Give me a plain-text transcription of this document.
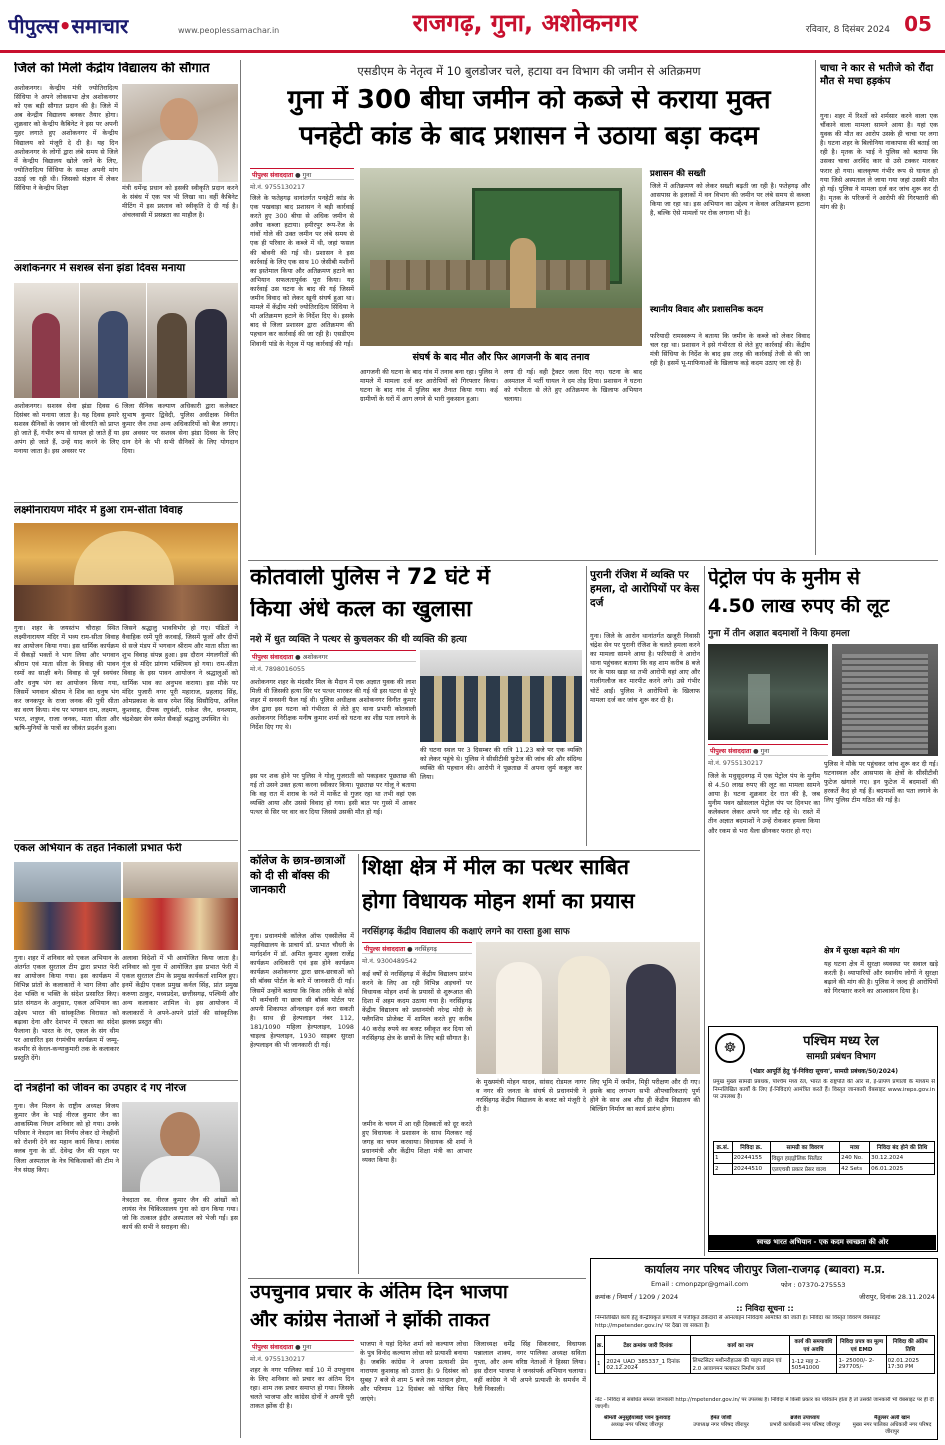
पीपुल्स•समाचार	www.peoplessamachar.in	राजगढ़, गुना, अशोकनगर	रविवार, 8 दिसंबर 2024 05
जिले को मिली केंद्रीय विद्यालय की सौगात
अशोकनगर। केन्द्रीय मंत्री ज्योतिरादित्य सिंधिया ने अपने लोकसभा क्षेत्र अशोकनगर को एक बड़ी सौगात प्रदान की है। जिले में अब केन्द्रीय विद्यालय बनकर तैयार होगा। शुक्रवार को केन्द्रीय कैबिनेट ने इस पर अपनी मुहर लगाते हुए अशोकनगर में केन्द्रीय विद्यालय को मंजूरी दे दी है। यह दिन अशोकनगर के लोगों द्वारा लंबे समय से जिले में केन्द्रीय विद्यालय खोले जाने के लिए, ज्योतिरादित्य सिंधिया के समक्ष अपनी मांग उठाई जा रही थी। जिसको संज्ञान में लेकर सिंधिया ने केन्द्रीय शिक्षा	मंत्री धर्मेन्द्र प्रधान को इसकी स्वीकृति प्रदान करने के संबंध में एक पत्र भी लिखा था। वहीं कैबिनेट मीटिंग में इस प्रस्ताव को स्वीकृति दे दी गई है। अंचलवासी में प्रसन्नता का माहौल है।
अशोकनगर में सशस्त्र सेना झंडा दिवस मनाया
अशोकनगर। सशस्त्र सेना झंडा दिवस 6 दिसंबर को मनाया जाता है। यह दिवस हमारे सशस्त्र सैनिकों के जवान जो वीरगति को प्राप्त हो जाते हैं, गंभीर रूप से घायल हो जाते हैं या अपंग हो जाते हैं, उन्हें याद करने के लिए मनाया जाता है। इस अवसर पर
जिला सैनिक कल्याण अधिकारी द्वारा कलेक्टर सुभाष कुमार द्विवेदी, पुलिस अधीक्षक विनीत कुमार जैन तथा अन्य अधिकारियों को बैज लगाए। इस अवसर पर सशस्त्र सेना झंडा दिवस के लिए दान देने के भी सभी सैनिकों के लिए योगदान दिया।
लक्ष्मीनारायण मंदिर में हुआ राम-सीता विवाह
गुना। शहर के जयस्तंभ चौराहा स्थित लक्ष्मीनारायण मंदिर में भव्य राम-सीता विवाह का आयोजन किया गया। इस धार्मिक कार्यक्रम में सैकड़ों भक्तों ने भाग लिया और भगवान श्रीराम एवं माता सीता के विवाह की पावन रस्मों का साक्षी बने। विवाह से पूर्व स्वयंवर और धनुष भंग का आयोजन किया गया, जिसमें भगवान श्रीराम ने शिव का धनुष भंग कर जनकपुर के राजा जनक की पुत्री सीता का वरण किया। मंच पर भगवान राम, लक्ष्मण, भरत, शत्रुघ्न, राजा जनक, माता सीता और ऋषि-मुनियों के पात्रों का जीवंत प्रदर्शन हुआ।
जिसने श्रद्धालु भावविभोर हो गए। पंडितों ने वैवाहिक रस्में पूरी करवाईं, जिसमें फूलों और दीपों से सजे मंडप में भगवान श्रीराम और माता सीता का शुभ विवाह संपन्न हुआ। इस दौरान मंगलगीतों की गूंज से मंदिर प्रांगण भक्तिमय हो गया। राम-सीता विवाह के इस पावन आयोजन ने श्रद्धालुओं को धार्मिक भाव का अनुभव कराया। इस मौके पर मंदिर पुजारी नगर पूरी महाराज, प्रहलाद सिंह, ओमप्रकाश के साथ रमेश सिंह सिसौदिया, अनिल कुशवाह, दीपक रघुवंशी, राकेश जैन, धनश्याम, चंद्रशेखर सेन समेत सैकड़ों श्रद्धालु उपस्थित थे।
एकल अभियान के तहत निकाली प्रभात फेरी
गुना। शहर में शनिवार को एकल अभियान के अंतर्गत एकल सुरताल टीम द्वारा प्रभात फेरी का आयोजन किया गया। इस कार्यक्रम में विभिन्न प्रांतों के कलाकारों ने भाग लिया और देश भक्ति व भक्ति के संदेश प्रसारित किए। प्रांत संगठन के अनुसार, एकल अभियान का उद्देश्य भारत की सांस्कृतिक विरासत को बढ़ावा देना और देशभर में एकता का संदेश फैलाना है। भारत के रंग, एकल के संग थीम पर आधारित इस रंगमंचीय कार्यक्रम में जम्मू-कश्मीर से केरल-कन्याकुमारी तक के कलाकार प्रस्तुति देंगे।
अलावा विदेशों में भी आयोजित किया जाता है। शनिवार को गुना में आयोजित इस प्रभात फेरी में एकल सुरताल टीम के प्रमुख कार्यकर्ता शामिल हुए। इनमें केंद्रीय एकल प्रमुख कर्नल सिंह, प्रांत प्रमुख करुणा ठाकुर, मध्यप्रदेश, छत्तीसगढ़, पश्चिमी और अन्य कलाकार शामिल थे। इस आयोजन में कलाकारों ने अपने-अपने प्रांतों की सांस्कृतिक झलक प्रस्तुत की।
दो नेत्रहीनों को जीवन का उपहार दे गए नीरज
गुना। जैन मिलन के राष्ट्रीय अध्यक्ष विजय कुमार जैन के भाई नीरज कुमार जैन का आकस्मिक निधन शनिवार को हो गया। उनके परिवार ने नेत्रदान का निर्णय लेकर दो नेत्रहीनों को रोशनी देने का महान कार्य किया। लायंस क्लब गुना के डॉ. देवेन्द्र जैन की पहल पर जिला अस्पताल के नेत्र चिकित्सकों की टीम ने नेत्र संग्रह किए।
नेत्रदाता स्व. नीरज कुमार जैन की आंखों को लायंस नेत्र चिकित्सालय गुना को दान किया गया। जो कि तत्काल इंदौर अस्पताल को भेजी गईं। इस कार्य की सभी ने सराहना की।
एसडीएम के नेतृत्व में 10 बुलडोजर चले, हटाया वन विभाग की जमीन से अतिक्रमण
गुना में 300 बीघा जमीन को कब्जे से कराया मुक्त
पनहेटी कांड के बाद प्रशासन ने उठाया बड़ा कदम
पीपुल्स संवाददाता ● गुना
मो.नं. 9755130217
जिले के फतेहगढ़ थानांतर्गत पनहेटी कांड के एक पखवाड़ा बाद प्रशासन ने बड़ी कार्रवाई करते हुए 300 बीघा से अधिक जमीन से अवैध कब्जा हटाया। हमीरपुर रूप-रेंज के गांवों गोले की उक्त जमीन पर लंबे समय से एक ही परिवार के कब्जे में थी, जहां फसल की बोवनी की गई थी। प्रशासन ने इस कार्रवाई के लिए एक साथ 10 जेसीबी मशीनों का इस्तेमाल किया और अतिक्रमण हटाने का अभियान सफलतापूर्वक पूरा किया। यह कार्रवाई उस घटना के बाद की गई जिसमें जमीन विवाद को लेकर खूनी संघर्ष हुआ था। मामले में केंद्रीय मंत्री ज्योतिरादित्य सिंधिया ने भी अतिक्रमण हटाने के निर्देश दिए थे। इसके बाद से जिला प्रशासन द्वारा अतिक्रमण की पहचान कर कार्रवाई की जा रही है। एसडीएम शिवानी पांडे के नेतृत्व में यह कार्रवाई की गई।
संघर्ष के बाद मौत और फिर आगजनी के बाद तनाव
आगजनी की घटना के बाद गांव में तनाव बना रहा। पुलिस ने मामले में मामला दर्ज कर आरोपियों को गिरफ्तार किया। घटना के बाद गांव में पुलिस बल तैनात किया गया। कई ग्रामीणों के घरों में आग लगने से भारी नुकसान हुआ।
लगा दी गई। वही ट्रैक्टर जला दिए गए। घटना के बाद अस्पताल में भर्ती घायल ने दम तोड़ दिया। प्रशासन ने घटना को गंभीरता से लेते हुए अतिक्रमण के खिलाफ अभियान चलाया।
प्रशासन की सख्ती
जिले में अतिक्रमण को लेकर सख्ती बढ़ती जा रही है। फतेहगढ़ और आसपास के इलाकों में वन विभाग की जमीन पर लंबे समय से कब्जा किया जा रहा था। इस अभियान का उद्देश्य न केवल अतिक्रमण हटाना है, बल्कि ऐसे मामलों पर रोक लगाना भी है।
स्थानीय विवाद और प्रशासनिक कदम
फरियादी रामस्वरूप ने बताया कि जमीन के कब्जे को लेकर विवाद चल रहा था। प्रशासन ने इसे गंभीरता से लेते हुए कार्रवाई की। केंद्रीय मंत्री सिंधिया के निर्देश के बाद इस तरह की कार्रवाई तेजी से की जा रही है। इसमें भू-माफियाओं के खिलाफ कड़े कदम उठाए जा रहे हैं।
चाचा ने कार से भतीजे को रौंदा मौत से मचा हड़कंप
गुना। शहर में रिश्तों को शर्मसार करने वाला एक चौंकाने वाला मामला सामने आया है। यहां एक युवक की मौत का आरोप उसके ही चाचा पर लगा है। घटना शहर के बिलोनिया नाकापास की बताई जा रही है। मृतक के भाई ने पुलिस को बताया कि उसका चाचा अरविंद कार से उसे टक्कर मारकर फरार हो गया। बालकृष्ण गंभीर रूप से घायल हो गया जिसे अस्पताल ले जाया गया जहां उसकी मौत हो गई। पुलिस ने मामला दर्ज कर जांच शुरू कर दी है। मृतक के परिजनों ने आरोपी की गिरफ्तारी की मांग की है।
कोतवाली पुलिस ने 72 घंटे में
किया अंधे कत्ल का खुलासा
नशे में धुत व्यक्ति ने पत्थर से कुचलकर की थी व्यक्ति की हत्या
पीपुल्स संवाददाता ● अशोकनगर
मो.नं. 7898016055
अशोकनगर शहर के मंदसौर मिल के मैदान में एक अज्ञात युवक की लाश मिली थी जिसकी हत्या सिर पर पत्थर मारकर की गई थी इस घटना से पूरे शहर में सनसनी फैल गई थी। पुलिस अधीक्षक अशोकनगर विनीत कुमार जैन द्वारा इस घटना को गंभीरता से लेते हुए थाना प्रभारी कोतवाली अशोकनगर निरीक्षक मनीष कुमार शर्मा को घटना का शीघ्र पता लगाने के निर्देश दिए गए थे।
की घटना स्थल पर 3 दिसम्बर की रात्रि 11.23 बजे पर एक व्यक्ति को लेकर पहुंचे थे। पुलिस ने सीसीटीवी फुटेज की जांच की और संदिग्ध व्यक्ति की पहचान की। आरोपी ने पूछताछ में अपना जुर्म कबूल कर लिया।
इस पर शक होने पर पुलिस ने गोलू गुजराती को पकड़कर पूछताछ की गई तो उसने उक्त हत्या करना स्वीकार किया। पूछताछ पर गोलू ने बताया कि वह रात में शराब के नशे में मार्केट से गुजर रहा था तभी वहां एक व्यक्ति आया और उससे विवाद हो गया। इसी बात पर गुस्से में आकर पत्थर से सिर पर वार कर दिया जिससे उसकी मौत हो गई।
पुरानी रंजिश में व्यक्ति पर हमला, दो आरोपियों पर केस दर्ज
गुना। जिले के आरोन थानांतर्गत खजूरी निवासी चंद्रेश सेन पर पुरानी रंजिश के चलते हमला करने का मामला सामने आया है। फरियादी ने आरोन थाना पहुंचकर बताया कि वह शाम करीब 8 बजे घर के पास खड़ा था तभी आरोपी वहां आए और गालीगलौज कर मारपीट करने लगे। उसे गंभीर चोटें आईं। पुलिस ने आरोपियों के खिलाफ मामला दर्ज कर जांच शुरू कर दी है।
पेट्रोल पंप के मुनीम से
4.50 लाख रुपए की लूट
गुना में तीन अज्ञात बदमाशों ने किया हमला
पीपुल्स संवाददाता ● गुना
मो.नं. 9755130217
जिले के मधुसूदनगढ़ में एक पेट्रोल पंप के मुनीम से 4.50 लाख रुपए की लूट का मामला सामने आया है। घटना शुक्रवार देर रात की है, जब मुनीम पवन खोसलाल पेट्रोल पंप पर दिनभर का कलेक्शन लेकर अपने घर लौट रहे थे। रास्ते में तीन अज्ञात बदमाशों ने उन्हें रोककर हमला किया और रकम से भरा थैला छीनकर फरार हो गए।
पुलिस ने मौके पर पहुंचकर जांच शुरू कर दी गई। घटनास्थल और आसपास के क्षेत्रों के सीसीटीवी फुटेज खंगाले गए। इन फुटेज में बदमाशों की हरकतें कैद हो गई हैं। बदमाशों का पता लगाने के लिए पुलिस टीम गठित की गई है।
क्षेत्र में सुरक्षा बढ़ाने की मांग
यह घटना क्षेत्र में सुरक्षा व्यवस्था पर सवाल खड़े करती है। व्यापारियों और स्थानीय लोगों ने सुरक्षा बढ़ाने की मांग की है। पुलिस ने जल्द ही आरोपियों को गिरफ्तार करने का आश्वासन दिया है।
कॉलेज के छात्र-छात्राओं को दी सी बॉक्स की जानकारी
गुना। प्रधानमंत्री कॉलेज ऑफ एक्सीलेंस में महाविद्यालय के प्राचार्य डॉ. प्रभात चौधरी के मार्गदर्शन में डॉ. अमित कुमार शुक्ला राजेंद्र कार्यक्रम अधिकारी एवं इस होने कार्यक्रम कार्यक्रम अशोकनगर द्वारा छात्र-छात्राओं को सी बॉक्स पोर्टल के बारे में जानकारी दी गई। जिसमें उन्होंने बताया कि किस तरीके से कोई भी कर्मचारी या छात्रा सी बॉक्स पोर्टल पर अपनी शिकायत ऑनलाइन दर्ज करा सकती है। साथ ही हेल्पलाइन नंबर 112, 181/1090 महिला हेल्पलाइन, 1098 चाइल्ड हेल्पलाइन, 1930 साइबर सुरक्षा हेल्पलाइन की भी जानकारी दी गई।
शिक्षा क्षेत्र में मील का पत्थर साबित
होगा विधायक मोहन शर्मा का प्रयास
नरसिंहगढ़ केंद्रीय विद्यालय की कक्षाएं लगने का रास्ता हुआ साफ
पीपुल्स संवाददाता ● नरसिंहगढ़
मो.नं. 9300489542
कई वर्षों से नरसिंहगढ़ में केंद्रीय विद्यालय प्रारंभ करने के लिए आ रही विभिन्न अड़चनों पर विधायक मोहन शर्मा के प्रयासों से शुरूआत की दिशा में अहम कदम उठाया गया है। नरसिंहगढ़ केंद्रीय विद्यालय को प्रधानमंत्री नरेन्द्र मोदी के फ्लैगशिप प्रोजेक्ट में शामिल करते हुए करीब 40 करोड़ रुपये का बजट स्वीकृत कर दिया जो नरसिंहगढ़ क्षेत्र के छात्रों के लिए बड़ी सौगात है।
के मुख्यमंत्री मोहन यादव, सांसद रोडमल नागर व नगर की जनता के संघर्ष से प्रधानमंत्री ने नरसिंहगढ़ केंद्रीय विद्यालय के बजट को मंजूरी दे दी है।
लिए भूमि में जमीन, मिट्टी परीक्षण और दी गए। इसके बाद लगभग सभी औपचारिकताएं पूर्ण होने के साथ अब शीघ्र ही केंद्रीय विद्यालय की बिल्डिंग निर्माण का कार्य प्रारंभ होगा।
जमीन के चयन में आ रही दिक्कतों को दूर करते हुए विधायक ने प्रशासन के साथ मिलकर नई जगह का चयन करवाया। विधायक श्री शर्मा ने प्रधानमंत्री और केंद्रीय शिक्षा मंत्री का आभार व्यक्त किया है।
☸	पश्चिम मध्य रेल
सामग्री प्रबंधन विभाग
(भंडार आपूर्ति हेतु 'ई-निविदा सूचना', सामग्री प्रबंधक/50/2024)
प्रमुख मुख्य सामग्री प्रबंधक, पश्चिम मध्य रेल, भारत के राष्ट्रपति की ओर से, ई-प्रापण प्रणाली के माध्यम से निम्नलिखित कार्यों के लिए ई-निविदाएं आमंत्रित करते हैं। विस्तृत जानकारी वेबसाइट www.ireps.gov.in पर उपलब्ध है।
क्र.सं.	निविदा क्र.	सामग्री का विवरण	मात्रा	निविदा बंद होने की तिथि
1	20244155	विद्युत हाइड्रोलिक सिलेंडर	240 No.	30.12.2024
2	20244510	एलएचबी प्रकार प्रेसर वाल्व	42 Sets	06.01.2025
स्वच्छ भारत अभियान - एक कदम स्वच्छता की ओर
उपचुनाव प्रचार के अंतिम दिन भाजपा
और कांग्रेस नेताओं ने झोंकी ताकत
पीपुल्स संवाददाता ● गुना
मो.नं. 9755130217
शहर के नगर पालिका वार्ड 10 में उपचुनाव के लिए शनिवार को प्रचार का अंतिम दिन रहा। शाम तक प्रचार समाप्त हो गया। जिसके चलते भाजपा और कांग्रेस दोनों ने अपनी पूरी ताकत झोंक दी है।
भाजपा ने यहां दिनेश शर्मा को कल्याण लोधा के पुत्र विनोद कल्याण लोधा को प्रत्याशी बनाया है। जबकि कांग्रेस ने अपना प्रत्याशी प्रेम नारायण कुशवाह को उतारा है। 9 दिसंबर को सुबह 7 बजे से शाम 5 बजे तक मतदान होगा, और परिणाम 12 दिसंबर को घोषित किए जाएंगे।
जिलाध्यक्ष धर्मेंद्र सिंह सिकरवार, विधायक पन्नालाल शाक्य, नगर पालिका अध्यक्ष सविता गुप्ता, और अन्य वरिष्ठ नेताओं ने हिस्सा लिया। इस दौरान भाजपा ने जनसंपर्क अभियान चलाया। वहीं कांग्रेस ने भी अपने प्रत्याशी के समर्थन में रैली निकाली।
कार्यालय नगर परिषद जीरापुर जिला-राजगढ़ (ब्यावरा) म.प्र.
Email : cmonpzpr@gmail.com	फोन : 07370-275553
क्रमांक / निमार्ण / 1209 / 2024	जीरापुर, दिनांक 28.11.2024
:: निविदा सूचना ::
निम्नलिखित कार्य हेतु केन्द्रीयकृत प्रणाली में पंजीकृत ठेकेदारों से ऑनलाइन निविदायें आमंत्रित की जाती हैं। निविदा का विस्तृत विवरण वेबसाइट http://mpetender.gov.in/ पर देखा जा सकता है।
क्र.	टेंडर क्रमांक जारी दिनांक	कार्य का नाम	कार्य की समयावधि एवं अवधि	निविदा प्रपत्र का मूल्य एवं EMD	निविदा की अंतिम तिथि
1	2024_UAD_385337_1 दिनांक 02.12.2024	लिफ्टसिटर मशीनरीहाउस की पाइप लाइन एवं 2.0 आवागमन फ्लास्टर निर्माण कार्य	1-12 माह 2- 50541000	1- 25000/- 2- 297705/-	02.01.2025 17:30 PM
नोट - निविदा से संबंधित समस्त जानकारी http://mpetender.gov.in/ पर उपलब्ध है। निविदा में किसी प्रकार का परिवर्तन होता है तो उसकी जानकारी भी वेबसाइट पर ही दी जाएगी।
श्रीमती अनुसुईयाबाई पवन कुशवाह
अध्यक्ष नगर परिषद जीरापुर
हेमंत जोशी
उपाध्यक्ष नगर परिषद जीरापुर
ब्रजेश उपाध्याय
प्रभारी कार्यकारी नगर परिषद जीरापुर
मैतुल्लर अली खान
मुख्य नगर पालिका अधिकारी नगर परिषद जीरापुर
